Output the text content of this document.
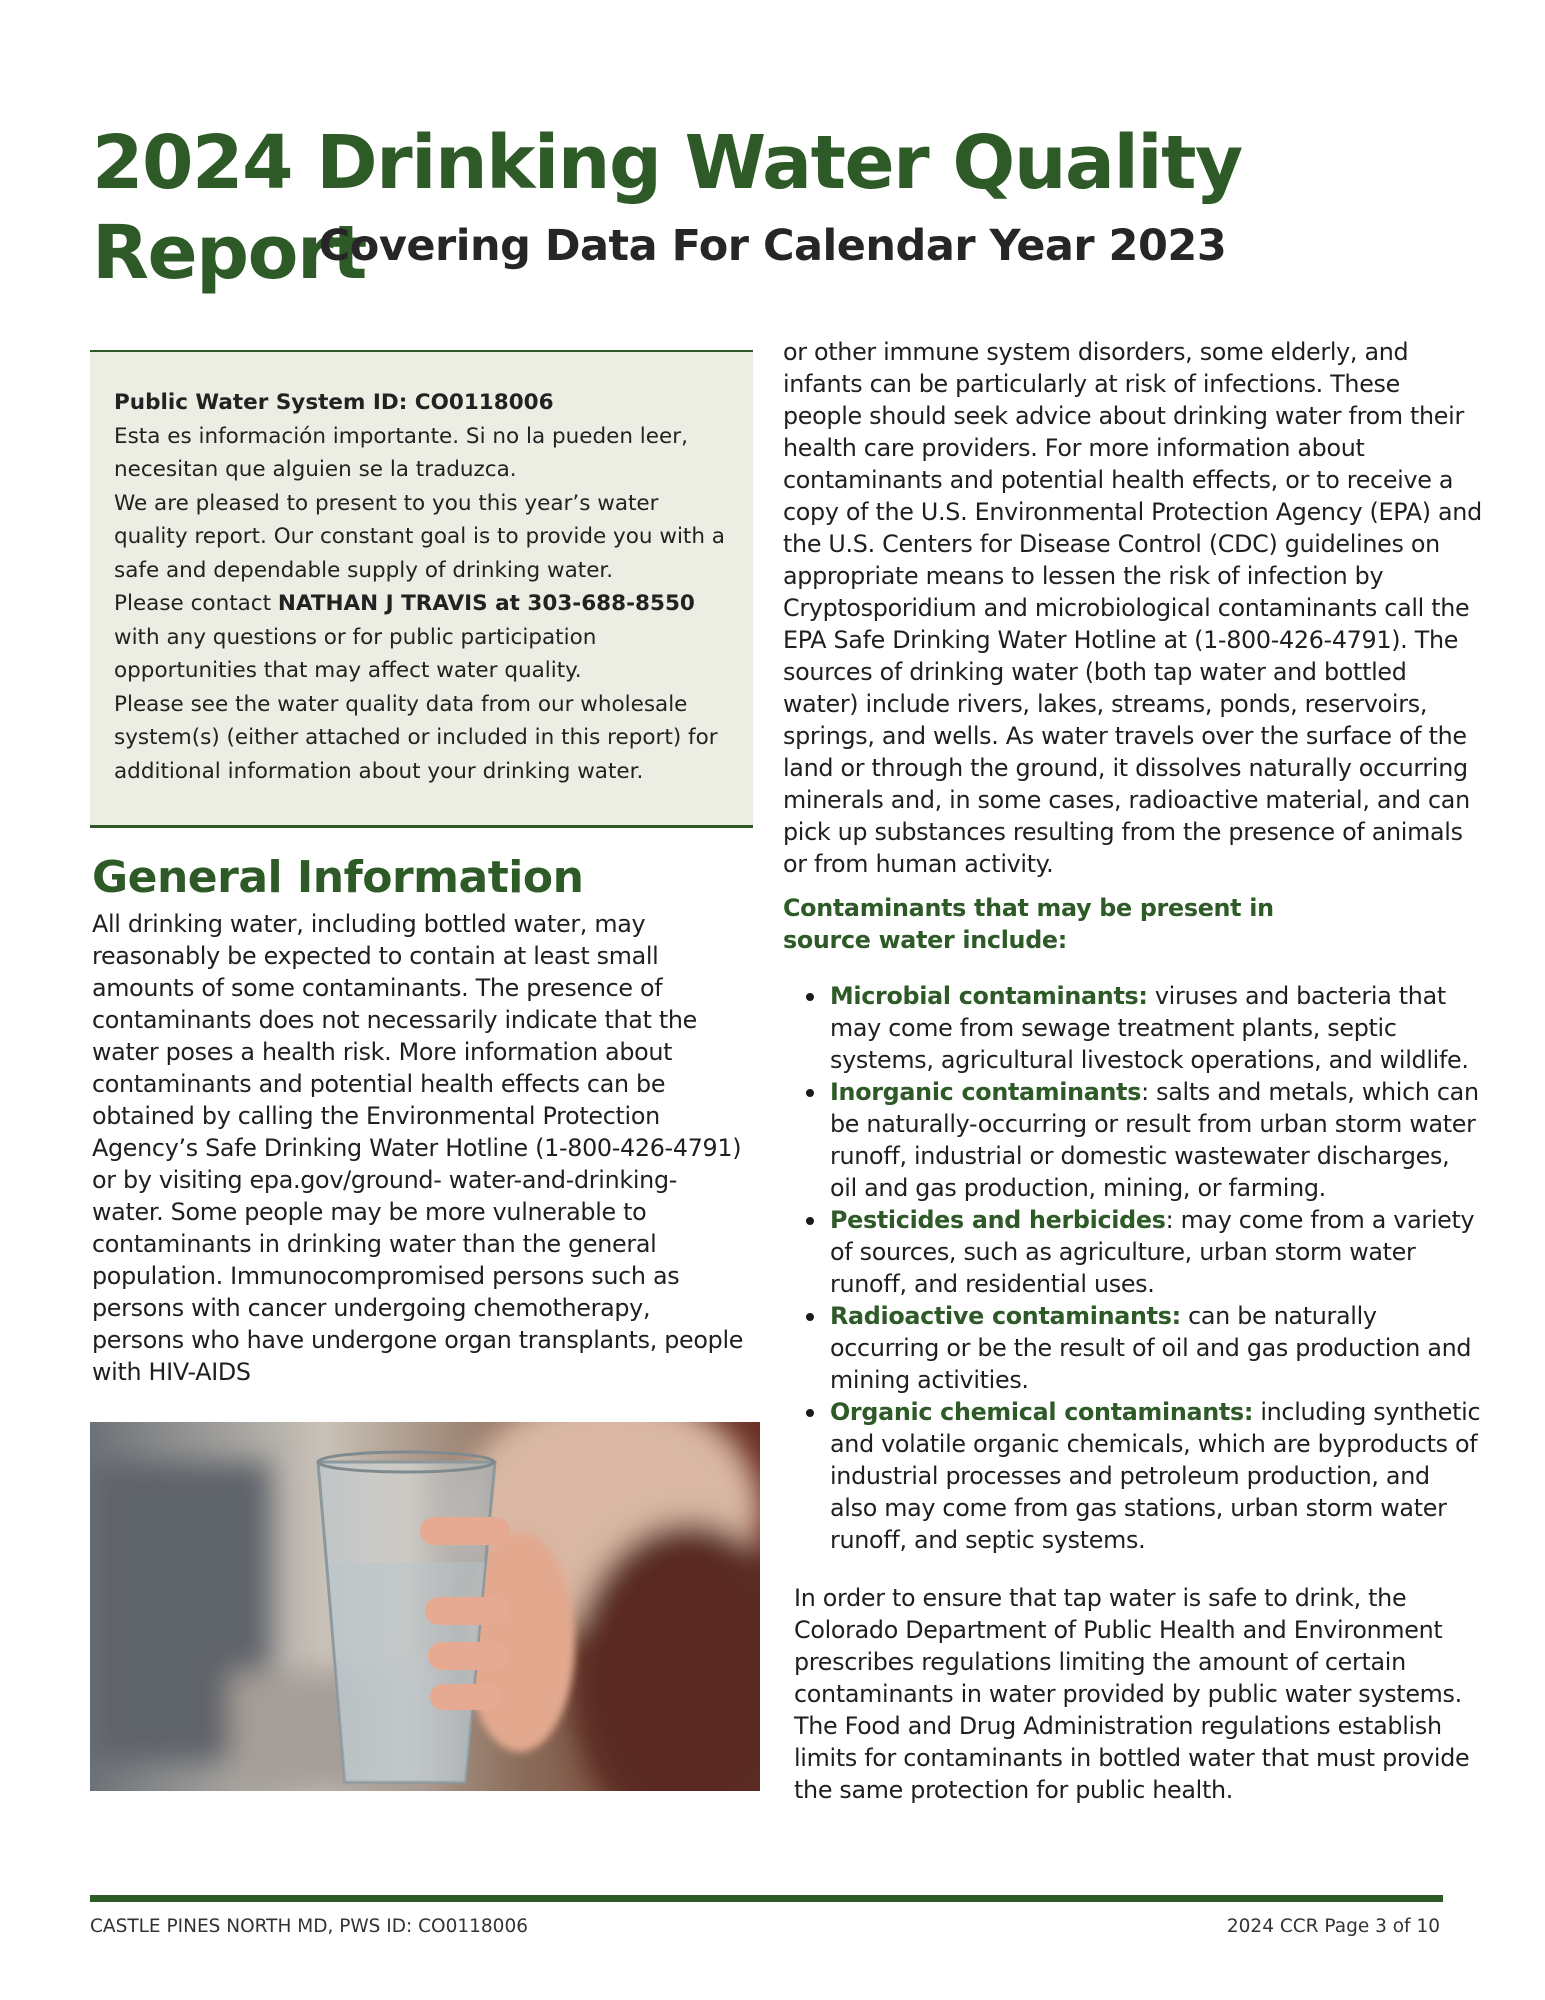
2024 Drinking Water Quality Report
Covering Data For Calendar Year 2023

Public Water System ID: CO0118006

Esta es información importante. Si no la pueden leer, necesitan que alguien se la traduzca.

We are pleased to present to you this year’s water quality report. Our constant goal is to provide you with a safe and dependable supply of drinking water.

Please contact NATHAN J TRAVIS at 303-688-8550 with any questions or for public participation opportunities that may affect water quality.

Please see the water quality data from our wholesale system(s) (either attached or included in this report) for additional information about your drinking water.

General Information

All drinking water, including bottled water, may reasonably be expected to contain at least small amounts of some contaminants. The presence of contaminants does not necessarily indicate that the water poses a health risk. More information about contaminants and potential health effects can be obtained by calling the Environmental Protection Agency’s Safe Drinking Water Hotline (1-800-426-4791) or by visiting epa.gov/ground- water-and-drinking-water. Some people may be more vulnerable to contaminants in drinking water than the general population. Immunocompromised persons such as persons with cancer undergoing chemotherapy, persons who have undergone organ transplants, people with HIV-AIDS

or other immune system disorders, some elderly, and infants can be particularly at risk of infections. These people should seek advice about drinking water from their health care providers. For more information about contaminants and potential health effects, or to receive a copy of the U.S. Environmental Protection Agency (EPA) and the U.S. Centers for Disease Control (CDC) guidelines on appropriate means to lessen the risk of infection by Cryptosporidium and microbiological contaminants call the EPA Safe Drinking Water Hotline at (1-800-426-4791). The sources of drinking water (both tap water and bottled water) include rivers, lakes, streams, ponds, reservoirs, springs, and wells. As water travels over the surface of the land or through the ground, it dissolves naturally occurring minerals and, in some cases, radioactive material, and can pick up substances resulting from the presence of animals or from human activity.

Contaminants that may be present in
source water include:
Microbial contaminants: viruses and bacteria that may come from sewage treatment plants, septic systems, agricultural livestock operations, and wildlife.
Inorganic contaminants: salts and metals, which can be naturally-occurring or result from urban storm water runoff, industrial or domestic wastewater discharges, oil and gas production, mining, or farming.
Pesticides and herbicides: may come from a variety of sources, such as agriculture, urban storm water runoff, and residential uses.
Radioactive contaminants: can be naturally occurring or be the result of oil and gas production and mining activities.
Organic chemical contaminants: including synthetic and volatile organic chemicals, which are byproducts of industrial processes and petroleum production, and also may come from gas stations, urban storm water runoff, and septic systems.

In order to ensure that tap water is safe to drink, the Colorado Department of Public Health and Environment prescribes regulations limiting the amount of certain contaminants in water provided by public water systems. The Food and Drug Administration regulations establish limits for contaminants in bottled water that must provide the same protection for public health.

CASTLE PINES NORTH MD, PWS ID: CO0118006	2024 CCR Page 3 of 10
